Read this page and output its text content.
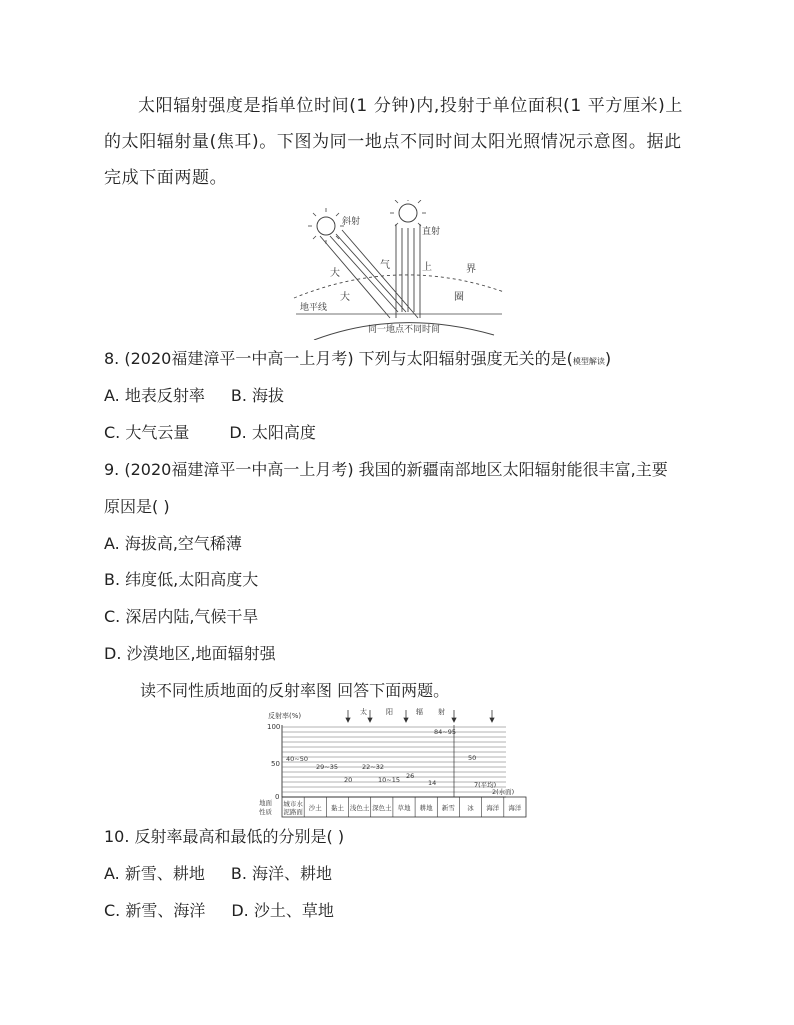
太阳辐射强度是指单位时间(1 分钟)内,投射于单位面积(1 平方厘米)上的太阳辐射量(焦耳)。下图为同一地点不同时间太阳光照情况示意图。据此完成下面两题。
斜射
直射
大
气	上	界
大	圈
地平线
同一地点不同时间
8. (2020福建漳平一中高一上月考) 下列与太阳辐射强度无关的是(模型解读)
A. 地表反射率 B. 海拔
C. 大气云量	D. 太阳高度
9. (2020福建漳平一中高一上月考) 我国的新疆南部地区太阳辐射能很丰富,主要
原因是( )
A. 海拔高,空气稀薄
B. 纬度低,太阳高度大
C. 深居内陆,气候干旱
D. 沙漠地区,地面辐射强
读不同性质地面的反射率图 回答下面两题。
反射率(%)	太	阳	辐 射
100
50
0
40~50
29~35
20
22~32
10~15 26
14
84~95
50
7(平均)
2(水面)
地面
性质
城市水
泥路面 沙土 黏土 浅色土 深色土 草地 耕地 新雪 冰 海洋 海洋
10. 反射率最高和最低的分别是( )
A. 新雪、耕地 B. 海洋、耕地
C. 新雪、海洋 D. 沙土、草地
